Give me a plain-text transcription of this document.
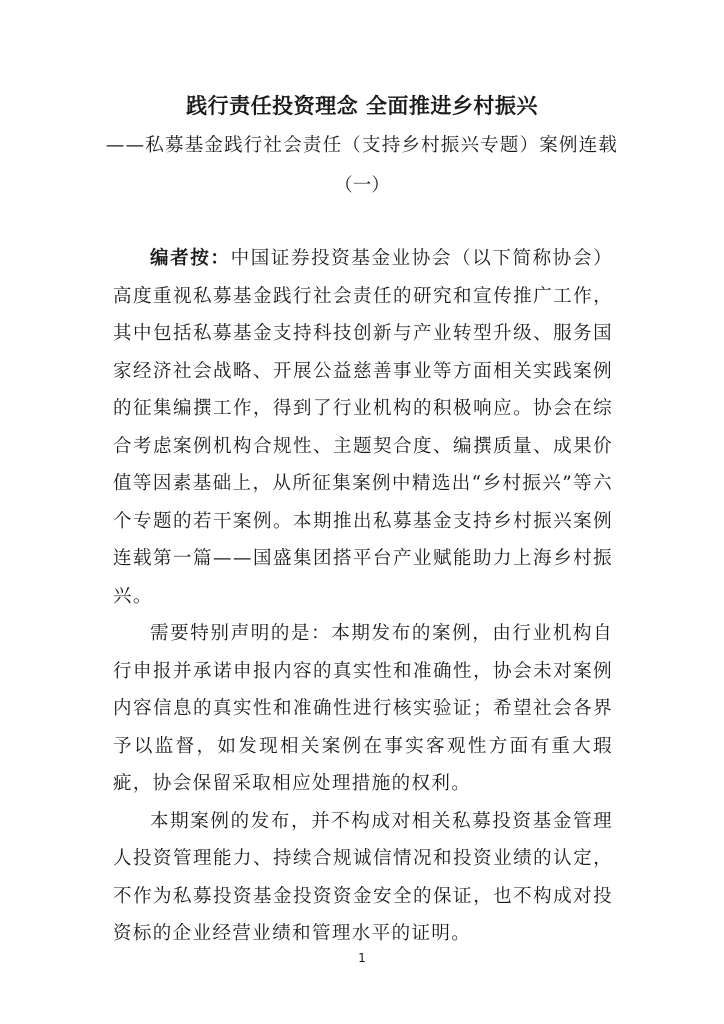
践行责任投资理念 全面推进乡村振兴
——私募基金践行社会责任（支持乡村振兴专题）案例连载
（一）

编者按：中国证券投资基金业协会（以下简称协会）高度重视私募基金践行社会责任的研究和宣传推广工作，其中包括私募基金支持科技创新与产业转型升级、服务国家经济社会战略、开展公益慈善事业等方面相关实践案例的征集编撰工作，得到了行业机构的积极响应。协会在综合考虑案例机构合规性、主题契合度、编撰质量、成果价值等因素基础上，从所征集案例中精选出“乡村振兴”等六个专题的若干案例。本期推出私募基金支持乡村振兴案例连载第一篇——国盛集团搭平台产业赋能助力上海乡村振兴。

需要特别声明的是：本期发布的案例，由行业机构自行申报并承诺申报内容的真实性和准确性，协会未对案例内容信息的真实性和准确性进行核实验证；希望社会各界予以监督，如发现相关案例在事实客观性方面有重大瑕疵，协会保留采取相应处理措施的权利。

本期案例的发布，并不构成对相关私募投资基金管理人投资管理能力、持续合规诚信情况和投资业绩的认定，不作为私募投资基金投资资金安全的保证，也不构成对投资标的企业经营业绩和管理水平的证明。

1
